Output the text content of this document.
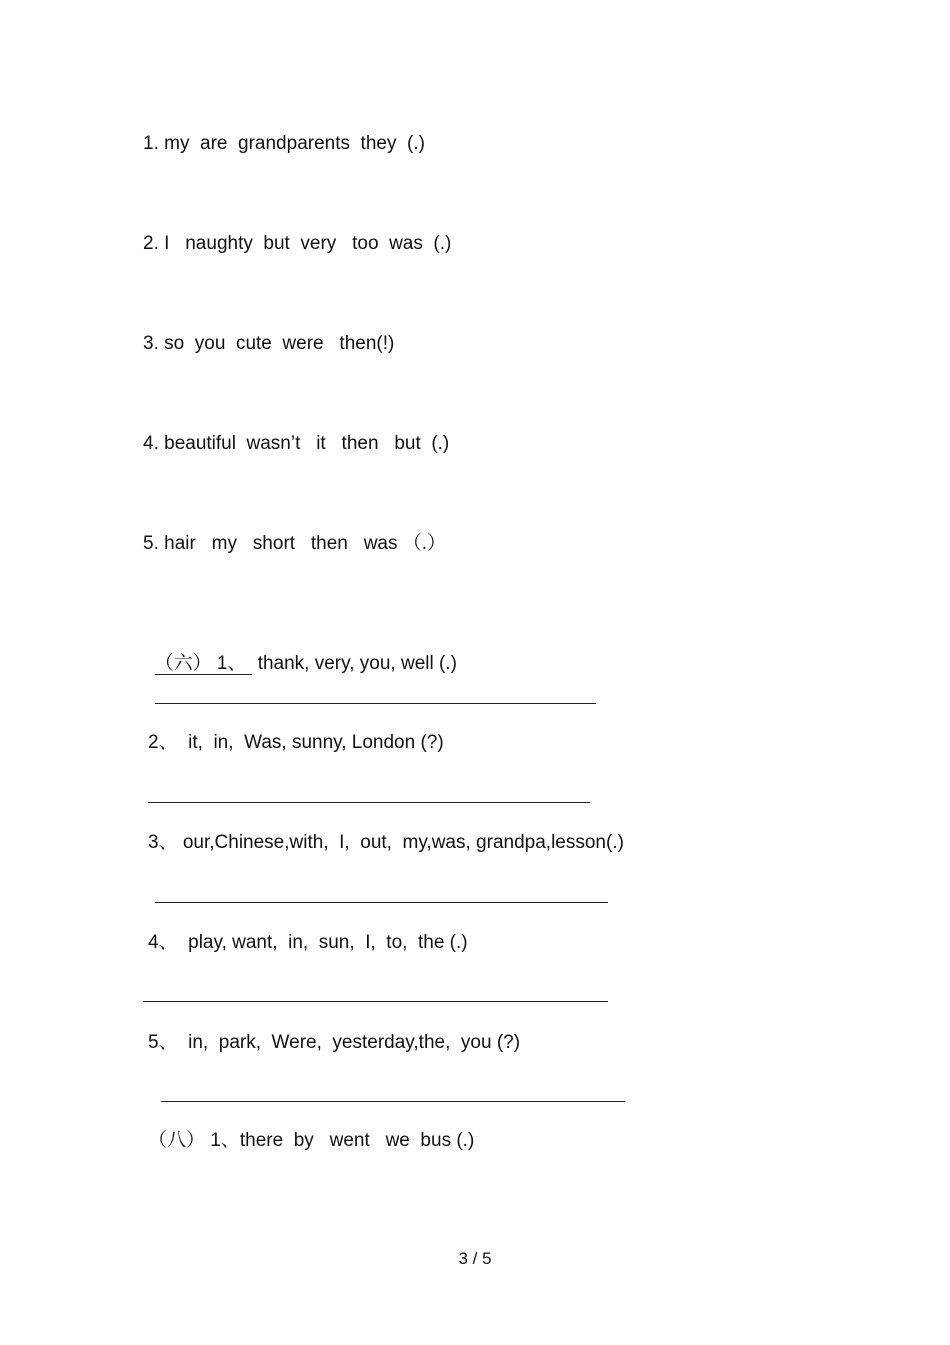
1. my  are  grandparents  they  (.)
2. I   naughty  but  very   too  was  (.)
3. so  you  cute  were   then(!)
4. beautiful  wasn’t   it   then   but  (.)
5. hair   my   short   then   was （.）

（六） 1、 thank, very, you, well (.)

2、  it,  in,  Was, sunny, London (?)
3、 our,Chinese,with,  I,  out,  my,was, grandpa,lesson(.)
4、  play, want,  in,  sun,  I,  to,  the (.)
5、  in,  park,  Were,  yesterday,the,  you (?)
（八） 1、there  by   went   we  bus (.)
3 / 5
